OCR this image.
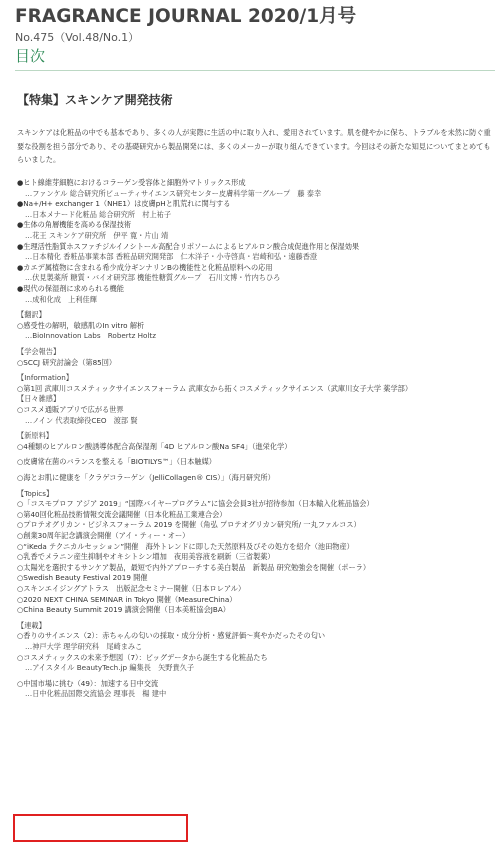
FRAGRANCE JOURNAL 2020/1月号
No.475（Vol.48/No.1）
目次
【特集】スキンケア開発技術
スキンケアは化粧品の中でも基本であり、多くの人が実際に生活の中に取り入れ、愛用されています。肌を健やかに保ち、トラブルを未然に防ぐ重要な役割を担う部分であり、その基礎研究から製品開発には、多くのメーカーが取り組んできています。今回はその新たな知見についてまとめてもらいました。
●ヒト線維芽細胞におけるコラーゲン受容体と細胞外マトリックス形成
…ファンケル 総合研究所ビューティサイエンス研究センター皮膚科学第一グループ　藤 泰幸
●Na+/H+ exchanger 1（NHE1）は皮膚pHと肌荒れに関与する
…日本メナード化粧品 総合研究所　村上祐子
●生体の角層機能を高める保湿技術
…花王 スキンケア研究所　伊平 寛・片山 靖
●生理活性脂質ホスファチジルイノシトール高配合リポソームによるヒアルロン酸合成促進作用と保湿効果
…日本精化 香粧品事業本部 香粧品研究開発部　仁木洋子・小寺啓真・岩崎和弘・遠藤香澄
●カエデ属植物に含まれる希少成分ギンナリンBの機能性と化粧品原料への応用
…伏見製薬所 糖質・バイオ研究部 機能性糖質グループ　石川文博・竹内ちひろ
●現代の保湿剤に求められる機能
…成和化成　上利佳輝
【翻訳】
○感受性の解明，敏感肌のIn vitro 解析
…BioInnovation Labs　Robertz Holtz
【学会報告】
○SCCJ 研究討論会（第85回）
【Information】
○第1回 武庫川コスメティックサイエンスフォーラム 武庫女から拓くコスメティックサイエンス（武庫川女子大学 薬学部）
【日々雑感】
○コスメ通販アプリで広がる世界
…ノイン 代表取締役CEO　渡部 賢
【新原料】
○4種類のヒアルロン酸誘導体配合高保湿剤「4D ヒアルロン酸Na SF4」（進栄化学）
○皮膚常在菌のバランスを整える「BIOTILYS™」（日本触媒）
○海とお肌に健康を「クラゲコラーゲン（JelliCollagen® CIS）」（海月研究所）
【Topics】
○「コスモプロフ アジア 2019」“国際バイヤープログラム”に協会会員3社が招待参加（日本輸入化粧品協会）
○第40回化粧品技術情報交流会議開催（日本化粧品工業連合会）
○プロテオグリカン・ビジネスフォーラム 2019 を開催（角弘 プロテオグリカン研究所/ 一丸ファルコス）
○創業30周年記念講演会開催（アイ・ティー・オー）
○“iKeda テクニカルセッション”開催　海外トレンドに即した天然原料及びその処方を紹介（池田物産）
○乳香でメラニン産生抑制やオキシトシン増加　夜用美容液を刷新（三省製薬）
○太陽光を選択するサンケア製品，最短で内外アプローチする美白製品　新製品 研究勉強会を開催（ポーラ）
○Swedish Beauty Festival 2019 開催
○スキンエイジングアトラス　出版記念セミナー開催（日本ロレアル）
○2020 NEXT CHINA SEMINAR in Tokyo 開催（MeasureChina）
○China Beauty Summit 2019 講演会開催（日本美粧協会JBA）
【連載】
○香りのサイエンス（2）：赤ちゃんの匂いの採取・成分分析・感覚評価〜爽やかだったその匂い
…神戸大学 理学研究科　尾崎まみこ
○コスメティックスの未来予想図（7）：ビッグデータから誕生する化粧品たち
…アイスタイル BeautyTech.jp 編集長　矢野貴久子
○中国市場に挑む（49）：加速する日中交流
…日中化粧品国際交流協会 理事長　楊 建中
